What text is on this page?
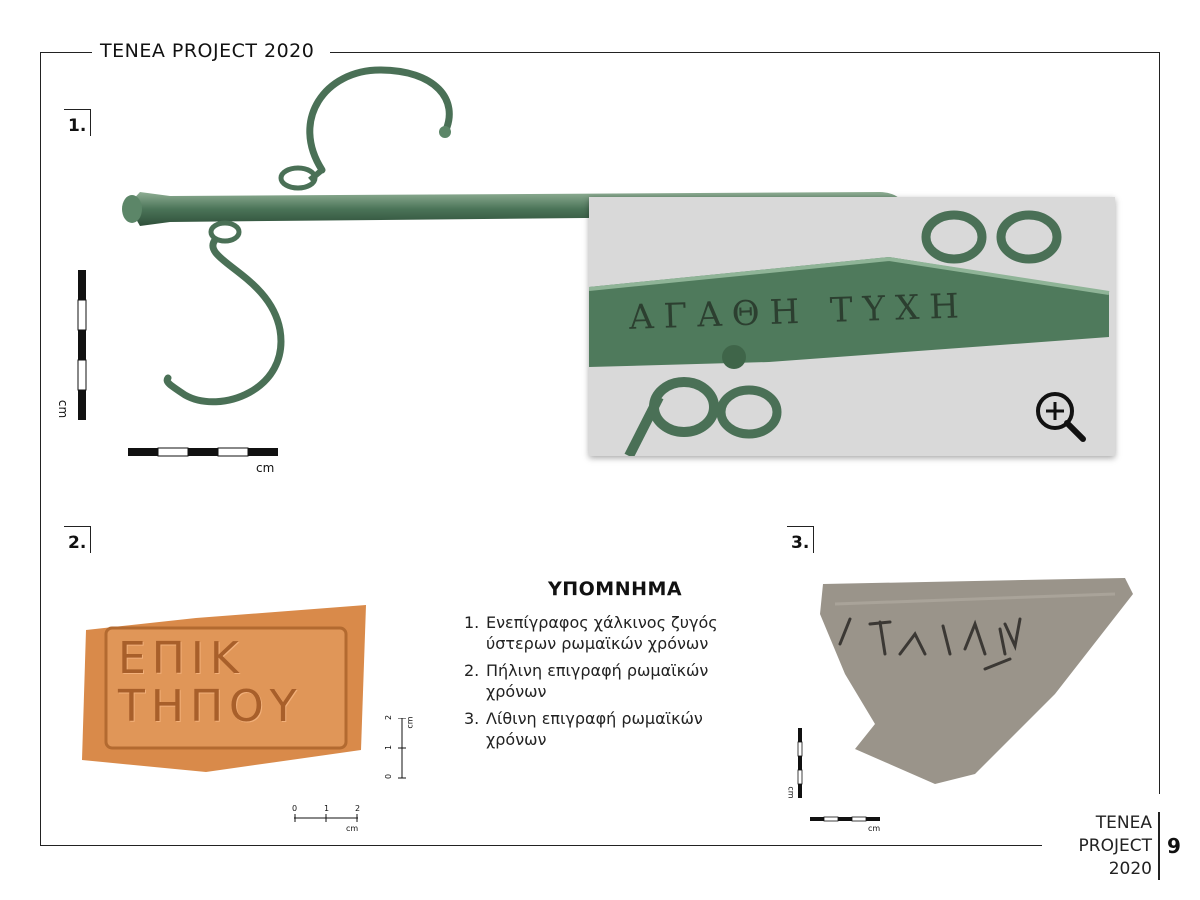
TENEA PROJECT 2020
1.
2.	3.
cm
cm
ΑΓΑΘΗ ΤΥΧΗ
ΕΠΙΚ
ΤΗΠΟΥ	2
1
0
cm
0	1	2
cm
ΥΠΟΜΝΗΜΑ
1. Ενεπίγραφος χάλκινος ζυγός ύστερων ρωμαϊκών χρόνων
2. Πήλινη επιγραφή ρωμαϊκών χρόνων
3. Λίθινη επιγραφή ρωμαϊκών χρόνων
cm
cm	TENEA
PROJECT
2020
9
